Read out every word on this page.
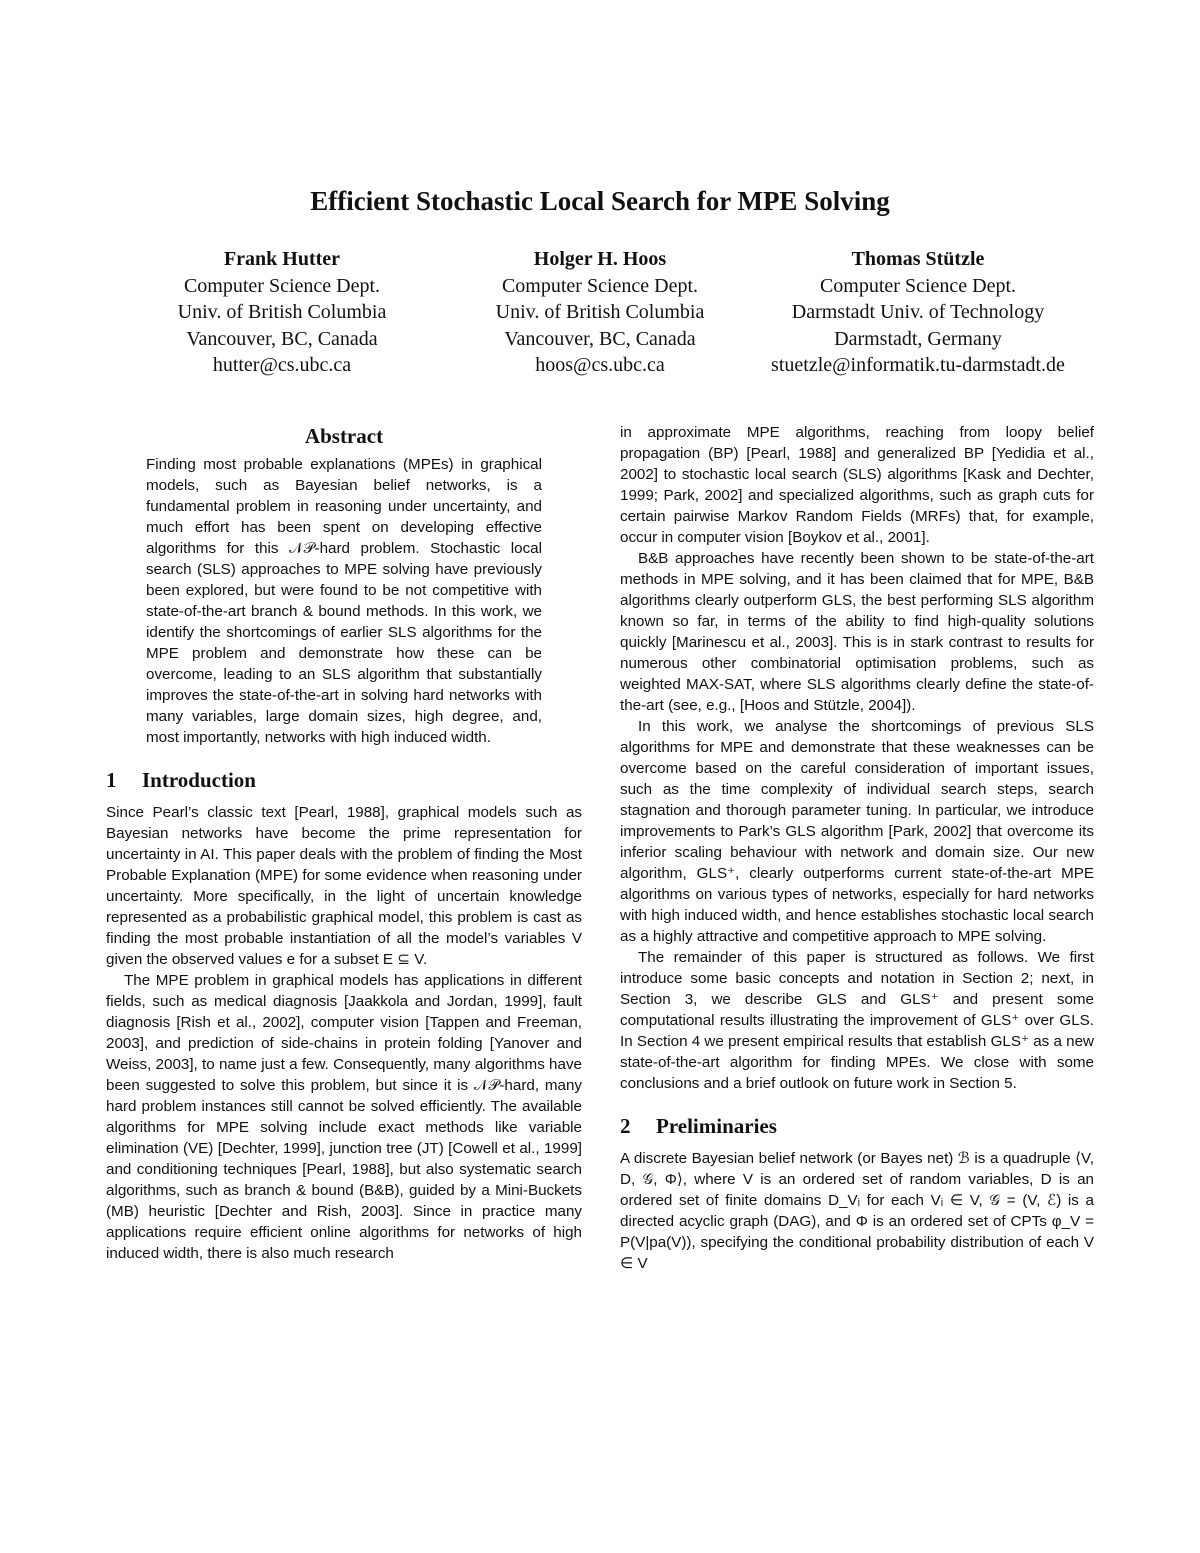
Efficient Stochastic Local Search for MPE Solving
Frank Hutter
Computer Science Dept.
Univ. of British Columbia
Vancouver, BC, Canada
hutter@cs.ubc.ca
Holger H. Hoos
Computer Science Dept.
Univ. of British Columbia
Vancouver, BC, Canada
hoos@cs.ubc.ca
Thomas Stützle
Computer Science Dept.
Darmstadt Univ. of Technology
Darmstadt, Germany
stuetzle@informatik.tu-darmstadt.de
Abstract

Finding most probable explanations (MPEs) in graphical models, such as Bayesian belief networks, is a fundamental problem in reasoning under uncertainty, and much effort has been spent on developing effective algorithms for this 𝒩𝒫-hard problem. Stochastic local search (SLS) approaches to MPE solving have previously been explored, but were found to be not competitive with state-of-the-art branch & bound methods. In this work, we identify the shortcomings of earlier SLS algorithms for the MPE problem and demonstrate how these can be overcome, leading to an SLS algorithm that substantially improves the state-of-the-art in solving hard networks with many variables, large domain sizes, high degree, and, most importantly, networks with high induced width.

1 Introduction

Since Pearl’s classic text [Pearl, 1988], graphical models such as Bayesian networks have become the prime representation for uncertainty in AI. This paper deals with the problem of finding the Most Probable Explanation (MPE) for some evidence when reasoning under uncertainty. More specifically, in the light of uncertain knowledge represented as a probabilistic graphical model, this problem is cast as finding the most probable instantiation of all the model’s variables V given the observed values e for a subset E ⊆ V.

The MPE problem in graphical models has applications in different fields, such as medical diagnosis [Jaakkola and Jordan, 1999], fault diagnosis [Rish et al., 2002], computer vision [Tappen and Freeman, 2003], and prediction of side-chains in protein folding [Yanover and Weiss, 2003], to name just a few. Consequently, many algorithms have been suggested to solve this problem, but since it is 𝒩𝒫-hard, many hard problem instances still cannot be solved efficiently. The available algorithms for MPE solving include exact methods like variable elimination (VE) [Dechter, 1999], junction tree (JT) [Cowell et al., 1999] and conditioning techniques [Pearl, 1988], but also systematic search algorithms, such as branch & bound (B&B), guided by a Mini-Buckets (MB) heuristic [Dechter and Rish, 2003]. Since in practice many applications require efficient online algorithms for networks of high induced width, there is also much research

in approximate MPE algorithms, reaching from loopy belief propagation (BP) [Pearl, 1988] and generalized BP [Yedidia et al., 2002] to stochastic local search (SLS) algorithms [Kask and Dechter, 1999; Park, 2002] and specialized algorithms, such as graph cuts for certain pairwise Markov Random Fields (MRFs) that, for example, occur in computer vision [Boykov et al., 2001].

B&B approaches have recently been shown to be state-of-the-art methods in MPE solving, and it has been claimed that for MPE, B&B algorithms clearly outperform GLS, the best performing SLS algorithm known so far, in terms of the ability to find high-quality solutions quickly [Marinescu et al., 2003]. This is in stark contrast to results for numerous other combinatorial optimisation problems, such as weighted MAX-SAT, where SLS algorithms clearly define the state-of-the-art (see, e.g., [Hoos and Stützle, 2004]).

In this work, we analyse the shortcomings of previous SLS algorithms for MPE and demonstrate that these weaknesses can be overcome based on the careful consideration of important issues, such as the time complexity of individual search steps, search stagnation and thorough parameter tuning. In particular, we introduce improvements to Park’s GLS algorithm [Park, 2002] that overcome its inferior scaling behaviour with network and domain size. Our new algorithm, GLS⁺, clearly outperforms current state-of-the-art MPE algorithms on various types of networks, especially for hard networks with high induced width, and hence establishes stochastic local search as a highly attractive and competitive approach to MPE solving.

The remainder of this paper is structured as follows. We first introduce some basic concepts and notation in Section 2; next, in Section 3, we describe GLS and GLS⁺ and present some computational results illustrating the improvement of GLS⁺ over GLS. In Section 4 we present empirical results that establish GLS⁺ as a new state-of-the-art algorithm for finding MPEs. We close with some conclusions and a brief outlook on future work in Section 5.

2 Preliminaries

A discrete Bayesian belief network (or Bayes net) ℬ is a quadruple ⟨V, D, 𝒢, Φ⟩, where V is an ordered set of random variables, D is an ordered set of finite domains D_Vᵢ for each Vᵢ ∈ V, 𝒢 = (V, ℰ) is a directed acyclic graph (DAG), and Φ is an ordered set of CPTs φ_V = P(V|pa(V)), specifying the conditional probability distribution of each V ∈ V
